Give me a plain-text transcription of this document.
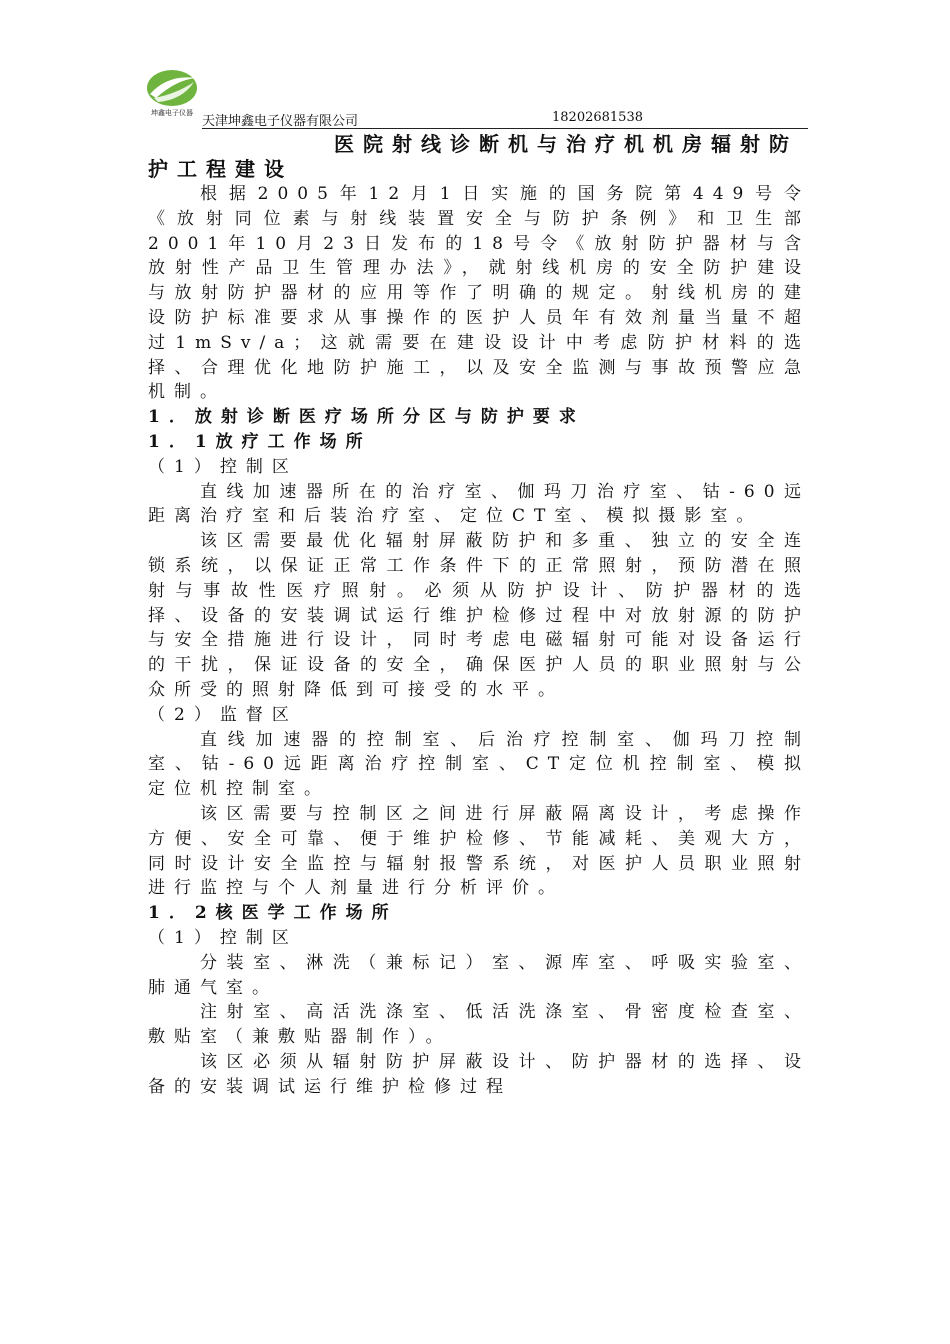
坤鑫电子仪器
天津坤鑫电子仪器有限公司	18202681538
医院射线诊断机与治疗机机房辐射防
护工程建设

根据2005年12月1日实施的国务院第449号令《放射同位素与射线装置安全与防护条例》和卫生部2001年10月23日发布的18号令《放射防护器材与含放射性产品卫生管理办法》，就射线机房的安全防护建设与放射防护器材的应用等作了明确的规定。射线机房的建设防护标准要求从事操作的医护人员年有效剂量当量不超过1mSv/a；这就需要在建设设计中考虑防护材料的选择、合理优化地防护施工，以及安全监测与事故预警应急机制。

1．放射诊断医疗场所分区与防护要求

1．1放疗工作场所

（1）控制区

直线加速器所在的治疗室、伽玛刀治疗室、钴-60远距离治疗室和后装治疗室、定位CT室、模拟摄影室。

该区需要最优化辐射屏蔽防护和多重、独立的安全连锁系统，以保证正常工作条件下的正常照射，预防潜在照射与事故性医疗照射。必须从防护设计、防护器材的选择、设备的安装调试运行维护检修过程中对放射源的防护与安全措施进行设计，同时考虑电磁辐射可能对设备运行的干扰，保证设备的安全，确保医护人员的职业照射与公众所受的照射降低到可接受的水平。

（2）监督区

直线加速器的控制室、后治疗控制室、伽玛刀控制室、钴-60远距离治疗控制室、CT定位机控制室、模拟定位机控制室。

该区需要与控制区之间进行屏蔽隔离设计，考虑操作方便、安全可靠、便于维护检修、节能减耗、美观大方，同时设计安全监控与辐射报警系统，对医护人员职业照射进行监控与个人剂量进行分析评价。

1．2核医学工作场所

（1）控制区

分装室、淋洗（兼标记）室、源库室、呼吸实验室、肺通气室。

注射室、高活洗涤室、低活洗涤室、骨密度检查室、敷贴室（兼敷贴器制作）。

该区必须从辐射防护屏蔽设计、防护器材的选择、设备的安装调试运行维护检修过程
